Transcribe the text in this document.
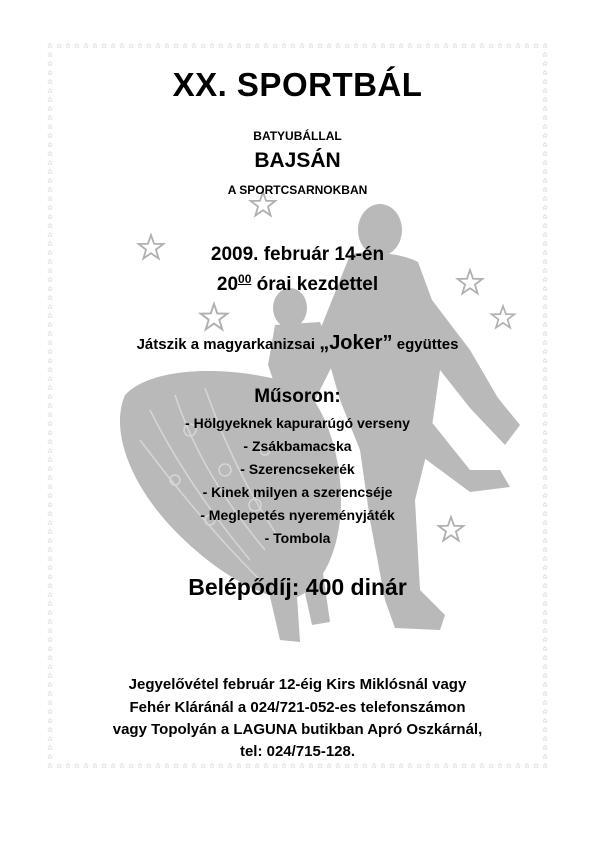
☆
☆
☆
☆
☆
☆
☆
☆
☆
☆
☆
☆
☆
☆
☆
☆
☆
☆
☆
☆
☆
☆
☆
☆
☆
☆
☆
☆
☆
☆
☆
☆
☆
☆
☆
☆
☆
☆
☆
☆
☆
☆
☆
☆
☆
☆
☆
☆
☆
☆
☆
☆
☆
☆
☆
☆
☆
☆
☆
☆
☆
☆
☆
☆
☆
☆
☆
☆
☆
☆
☆
☆
☆
☆
☆
☆
☆
☆
☆
☆
☆
☆
☆
☆
☆
☆
☆
☆
☆
☆
☆
☆
☆
☆
☆
☆
☆
☆
☆
☆
☆
☆
☆
☆
☆
☆
☆
☆
☆
☆
☆
☆
☆	☆
☆	☆
☆	☆
☆	☆
☆	☆
☆	☆
☆	☆
☆	☆
☆	☆
☆	☆
☆	☆
☆	☆
☆	☆
☆	☆
☆	☆
☆	☆
☆	☆
☆	☆
☆	☆
☆	☆
☆	☆
☆	☆
☆	☆
☆	☆
☆	☆
☆	☆
☆	☆
☆	☆
☆	☆
☆	☆
☆	☆
☆	☆
☆	☆
☆	☆
☆	☆
☆	☆
☆	☆
☆	☆
☆	☆
☆	☆
☆	☆
☆	☆
☆	☆
☆	☆
☆	☆
☆	☆
☆	☆
☆	☆
☆	☆
☆	☆
☆	☆
☆	☆
☆	☆
☆	☆
☆	☆
☆	☆
☆	☆
☆	☆
☆	☆
☆	☆
☆	☆
☆	☆
☆	☆
☆	☆
☆	☆
☆	☆
☆	☆
☆	☆
☆	☆
☆	☆
☆	☆
☆	☆
☆	☆
☆	☆
☆	☆
☆	☆
☆	☆
☆	☆
☆	☆
XX. SPORTBÁL
BATYUBÁLLAL
BAJSÁN
A SPORTCSARNOKBAN
2009. február 14-én
$20^{00}$ órai kezdettel
Játszik a magyarkanizsai „Joker” együttes
Műsoron:
- Hölgyeknek kapurarúgó verseny
- Zsákbamacska
- Szerencsekerék
- Kinek milyen a szerencséje
- Meglepetés nyereményjáték
- Tombola
Belépődíj: 400 dinár
Jegyelővétel február 12-éig Kirs Miklósnál vagy
Fehér Kláránál a 024/721-052-es telefonszámon
vagy Topolyán a LAGUNA butikban Apró Oszkárnál,
tel: 024/715-128.
